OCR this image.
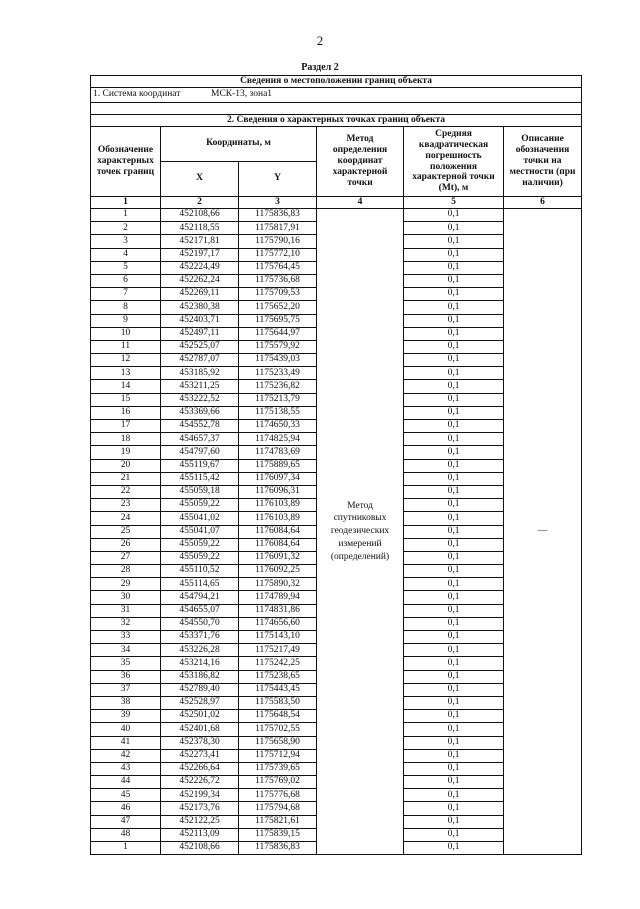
2
Раздел 2
Сведения о местоположении границ объекта					
1. Система координат МСК-13, зона1					

2. Сведения о характерных точках границ объекта					
Обозначение характерных точек границ	Координаты, м		Метод определения координат характерной точки	Средняя квадратическая погрешность положения характерной точки (Mt), м	Описание обозначения точки на местности (при наличии)
	X	Y			
1	2	3	4	5	6
1	452108,66	1175836,83	Метод спутниковых геодезических измерений (определений)	0,1	—
2	452118,55	1175817,91		0,1	
3	452171,81	1175790,16		0,1	
4	452197,17	1175772,10		0,1	
5	452224,49	1175764,45		0,1	
6	452262,24	1175736,68		0,1	
7	452269,11	1175709,53		0,1	
8	452380,38	1175652,20		0,1	
9	452403,71	1175695,75		0,1	
10	452497,11	1175644,97		0,1	
11	452525,07	1175579,92		0,1	
12	452787,07	1175439,03		0,1	
13	453185,92	1175233,49		0,1	
14	453211,25	1175236,82		0,1	
15	453222,52	1175213,79		0,1	
16	453369,66	1175138,55		0,1	
17	454552,78	1174650,33		0,1	
18	454657,37	1174825,94		0,1	
19	454797,60	1174783,69		0,1	
20	455119,67	1175889,65		0,1	
21	455115,42	1176097,34		0,1	
22	455059,18	1176096,31		0,1	
23	455059,22	1176103,89		0,1	
24	455041,02	1176103,89		0,1	
25	455041,07	1176084,64		0,1	
26	455059,22	1176084,64		0,1	
27	455059,22	1176091,32		0,1	
28	455110,52	1176092,25		0,1	
29	455114,65	1175890,32		0,1	
30	454794,21	1174789,94		0,1	
31	454655,07	1174831,86		0,1	
32	454550,70	1174656,60		0,1	
33	453371,76	1175143,10		0,1	
34	453226,28	1175217,49		0,1	
35	453214,16	1175242,25		0,1	
36	453186,82	1175238,65		0,1	
37	452789,40	1175443,45		0,1	
38	452528,97	1175583,50		0,1	
39	452501,02	1175648,54		0,1	
40	452401,68	1175702,55		0,1	
41	452378,30	1175658,90		0,1	
42	452273,41	1175712,94		0,1	
43	452266,64	1175739,65		0,1	
44	452226,72	1175769,02		0,1	
45	452199,34	1175776,68		0,1	
46	452173,76	1175794,68		0,1	
47	452122,25	1175821,61		0,1	
48	452113,09	1175839,15		0,1	
1	452108,66	1175836,83		0,1	
